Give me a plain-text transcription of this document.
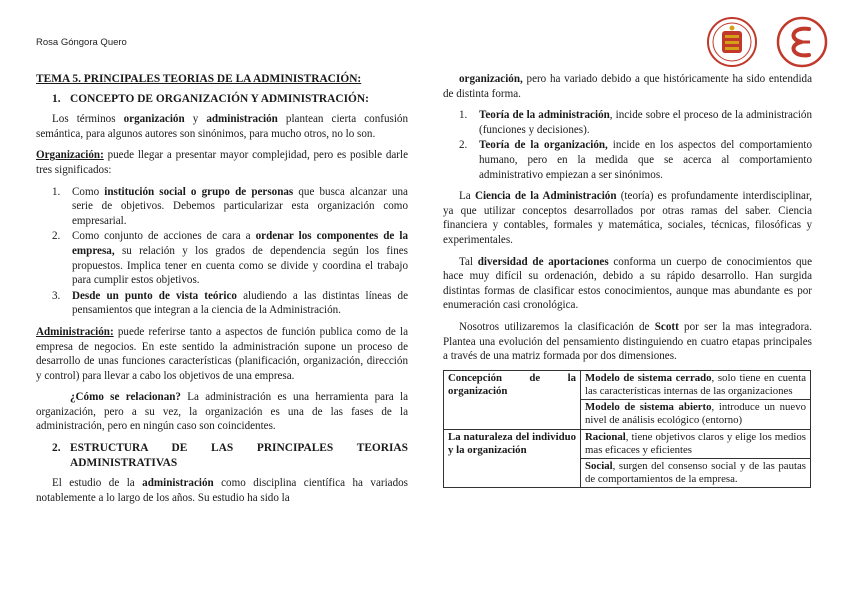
Rosa Góngora Quero
TEMA 5. PRINCIPALES TEORIAS DE LA ADMINISTRACIÓN:
1. CONCEPTO DE ORGANIZACIÓN Y ADMINISTRACIÓN:

Los términos organización y administración plantean cierta confusión semántica, para algunos autores son sinónimos, para mucho otros, no lo son.

Organización: puede llegar a presentar mayor complejidad, pero es posible darle tres significados:

1.	Como institución social o grupo de personas que busca alcanzar una serie de objetivos. Debemos particularizar esta organización como empresarial.
2.	Como conjunto de acciones de cara a ordenar los componentes de la empresa, su relación y los grados de dependencia según los fines propuestos. Implica tener en cuenta como se divide y coordina el trabajo para cumplir estos objetivos.
3.	Desde un punto de vista teórico aludiendo a las distintas líneas de pensamientos que integran a la ciencia de la Administración.

Administración: puede referirse tanto a aspectos de función publica como de la empresa de negocios. En este sentido la administración supone un proceso de desarrollo de unas funciones características (planificación, organización, dirección y control) para llevar a cabo los objetivos de una empresa.

¿Cómo se relacionan? La administración es una herramienta para la organización, pero a su vez, la organización es una de las fases de la administración, pero en ningún caso son coincidentes.

2. ESTRUCTURA DE LAS PRINCIPALES TEORIAS
ADMINISTRATIVAS

El estudio de la administración como disciplina científica ha variados notablemente a lo largo de los años. Su estudio ha sido la

organización, pero ha variado debido a que históricamente ha sido entendida de distinta forma.

1.	Teoría de la administración, incide sobre el proceso de la administración (funciones y decisiones).
2.	Teoría de la organización, incide en los aspectos del comportamiento humano, pero en la medida que se acerca al comportamiento administrativo empiezan a ser sinónimos.

La Ciencia de la Administración (teoría) es profundamente interdisciplinar, ya que utilizar conceptos desarrollados por otras ramas del saber. Ciencia financiera y contables, formales y matemática, sociales, técnicas, filosóficas y experimentales.

Tal diversidad de aportaciones conforma un cuerpo de conocimientos que hace muy difícil su ordenación, debido a su rápido desarrollo. Han surgida distintas formas de clasificar estos conocimientos, aunque mas abundante es por enumeración casi cronológica.

Nosotros utilizaremos la clasificación de Scott por ser la mas integradora. Plantea una evolución del pensamiento distinguiendo en cuatro etapas principales a través de una matriz formada por dos dimensiones.

Concepción de la organización	Modelo de sistema cerrado, solo tiene en cuenta las características internas de las organizaciones
	Modelo de sistema abierto, introduce un nuevo nivel de análisis ecológico (entorno)
La naturaleza del individuo y la organización	Racional, tiene objetivos claros y elige los medios mas eficaces y eficientes
	Social, surgen del consenso social y de las pautas de comportamientos de la empresa.
